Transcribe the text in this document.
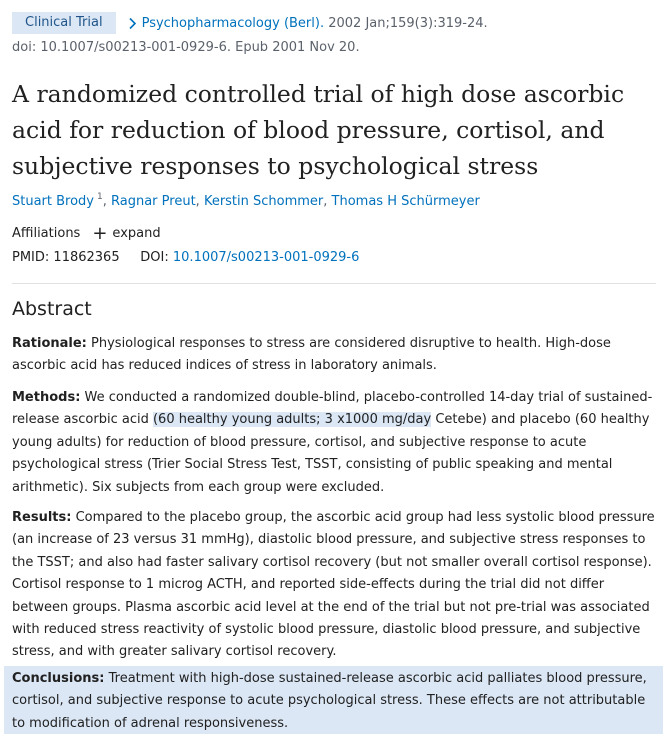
Clinical Trial	Psychopharmacology (Berl).
2002 Jan;159(3):319-24.
doi: 10.1007/s00213-001-0929-6. Epub 2001 Nov 20.
A randomized controlled trial of high dose ascorbic acid for reduction of blood pressure, cortisol, and subjective responses to psychological stress
Stuart Brody $^1$, Ragnar Preut, Kerstin Schommer, Thomas H Schürmeyer
Affiliations + expand
PMID: 11862365 DOI: 10.1007/s00213-001-0929-6
Abstract

Rationale: Physiological responses to stress are considered disruptive to health. High-dose ascorbic acid has reduced indices of stress in laboratory animals.

Methods: We conducted a randomized double-blind, placebo-controlled 14-day trial of sustained-release ascorbic acid (60 healthy young adults; 3 x1000 mg/day Cetebe) and placebo (60 healthy young adults) for reduction of blood pressure, cortisol, and subjective response to acute psychological stress (Trier Social Stress Test, TSST, consisting of public speaking and mental arithmetic). Six subjects from each group were excluded.

Results: Compared to the placebo group, the ascorbic acid group had less systolic blood pressure (an increase of 23 versus 31 mmHg), diastolic blood pressure, and subjective stress responses to the TSST; and also had faster salivary cortisol recovery (but not smaller overall cortisol response). Cortisol response to 1 microg ACTH, and reported side-effects during the trial did not differ between groups. Plasma ascorbic acid level at the end of the trial but not pre-trial was associated with reduced stress reactivity of systolic blood pressure, diastolic blood pressure, and subjective stress, and with greater salivary cortisol recovery.

Conclusions: Treatment with high-dose sustained-release ascorbic acid palliates blood pressure, cortisol, and subjective response to acute psychological stress. These effects are not attributable to modification of adrenal responsiveness.
